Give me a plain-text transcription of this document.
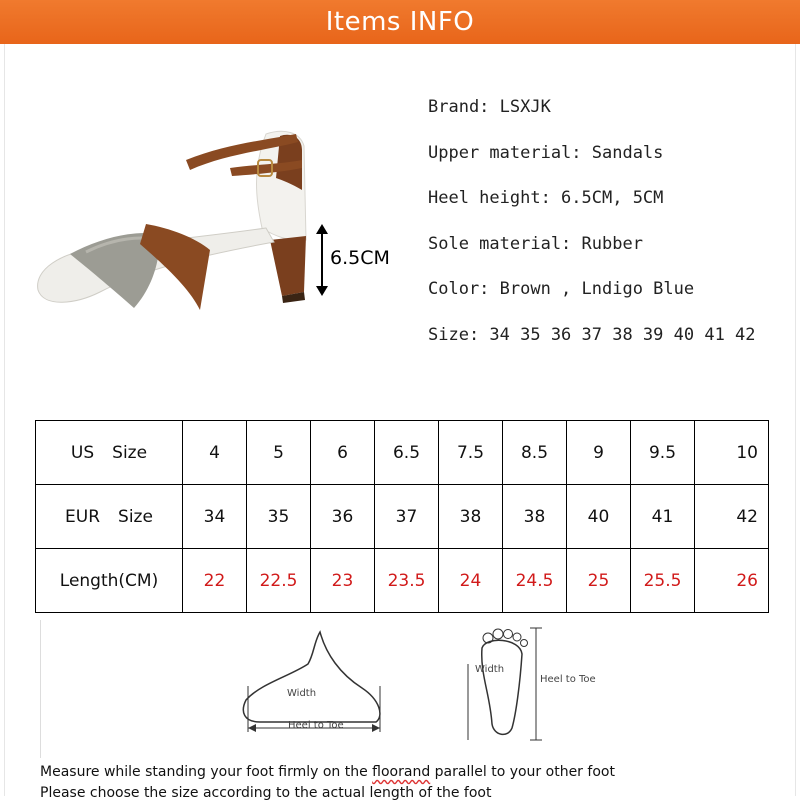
Items INFO
6.5CM
Brand: LSXJK
Upper material: Sandals
Heel height: 6.5CM, 5CM
Sole material: Rubber
Color: Brown , Lndigo Blue
Size: 34 35 36 37 38 39 40 41 42
US Size	4	5	6	6.5	7.5	8.5	9	9.5	10

EUR Size	34	35	36	37	38	38	40	41	42
Length(CM)	22	22.5	23	23.5	24	24.5	25	25.5	26
Width
Heel to Toe
Width
Heel to Toe
Measure while standing your foot firmly on the floorand parallel to your other foot
Please choose the size according to the actual length of the foot
